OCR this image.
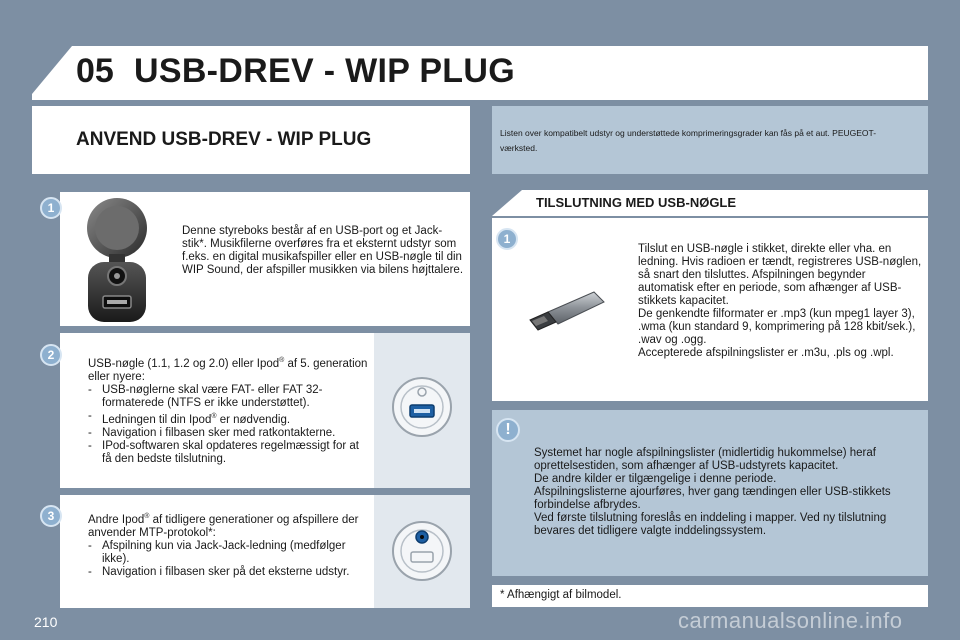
05 USB-DREV - WIP PLUG
ANVEND USB-DREV - WIP PLUG	Listen over kompatibelt udstyr og understøttede komprimeringsgrader kan fås på et aut. PEUGEOT-værksted.
1
Denne styreboks består af en USB-port og et Jack-stik*. Musikfilerne overføres fra et eksternt udstyr som f.eks. en digital musikafspiller eller en USB-nøgle til din WIP Sound, der afspiller musikken via bilens højttalere.
2
USB-nøgle (1.1, 1.2 og 2.0) eller Ipod® af 5. generation eller nyere:
- USB-nøglerne skal være FAT- eller FAT 32-formaterede (NTFS er ikke understøttet).
- Ledningen til din Ipod® er nødvendig.
- Navigation i filbasen sker med ratkontakterne.
- IPod-softwaren skal opdateres regelmæssigt for at få den bedste tilslutning.
3	Andre Ipod® af tidligere generationer og afspillere der anvender MTP-protokol*:
- Afspilning kun via Jack-Jack-ledning (medfølger ikke).
- Navigation i filbasen sker på det eksterne udstyr.
TILSLUTNING MED USB-NØGLE
1
Tilslut en USB-nøgle i stikket, direkte eller vha. en ledning. Hvis radioen er tændt, registreres USB-nøglen, så snart den tilsluttes. Afspilningen begynder automatisk efter en periode, som afhænger af USB-stikkets kapacitet.
De genkendte filformater er .mp3 (kun mpeg1 layer 3), .wma (kun standard 9, komprimering på 128 kbit/sek.), .wav og .ogg.
Accepterede afspilningslister er .m3u, .pls og .wpl.
!
Systemet har nogle afspilningslister (midlertidig hukommelse) heraf oprettelsestiden, som afhænger af USB-udstyrets kapacitet.
De andre kilder er tilgængelige i denne periode.
Afspilningslisterne ajourføres, hver gang tændingen eller USB-stikkets forbindelse afbrydes.
Ved første tilslutning foreslås en inddeling i mapper. Ved ny tilslutning bevares det tidligere valgte inddelingssystem.
* Afhængigt af bilmodel.
210	carmanualsonline.info
